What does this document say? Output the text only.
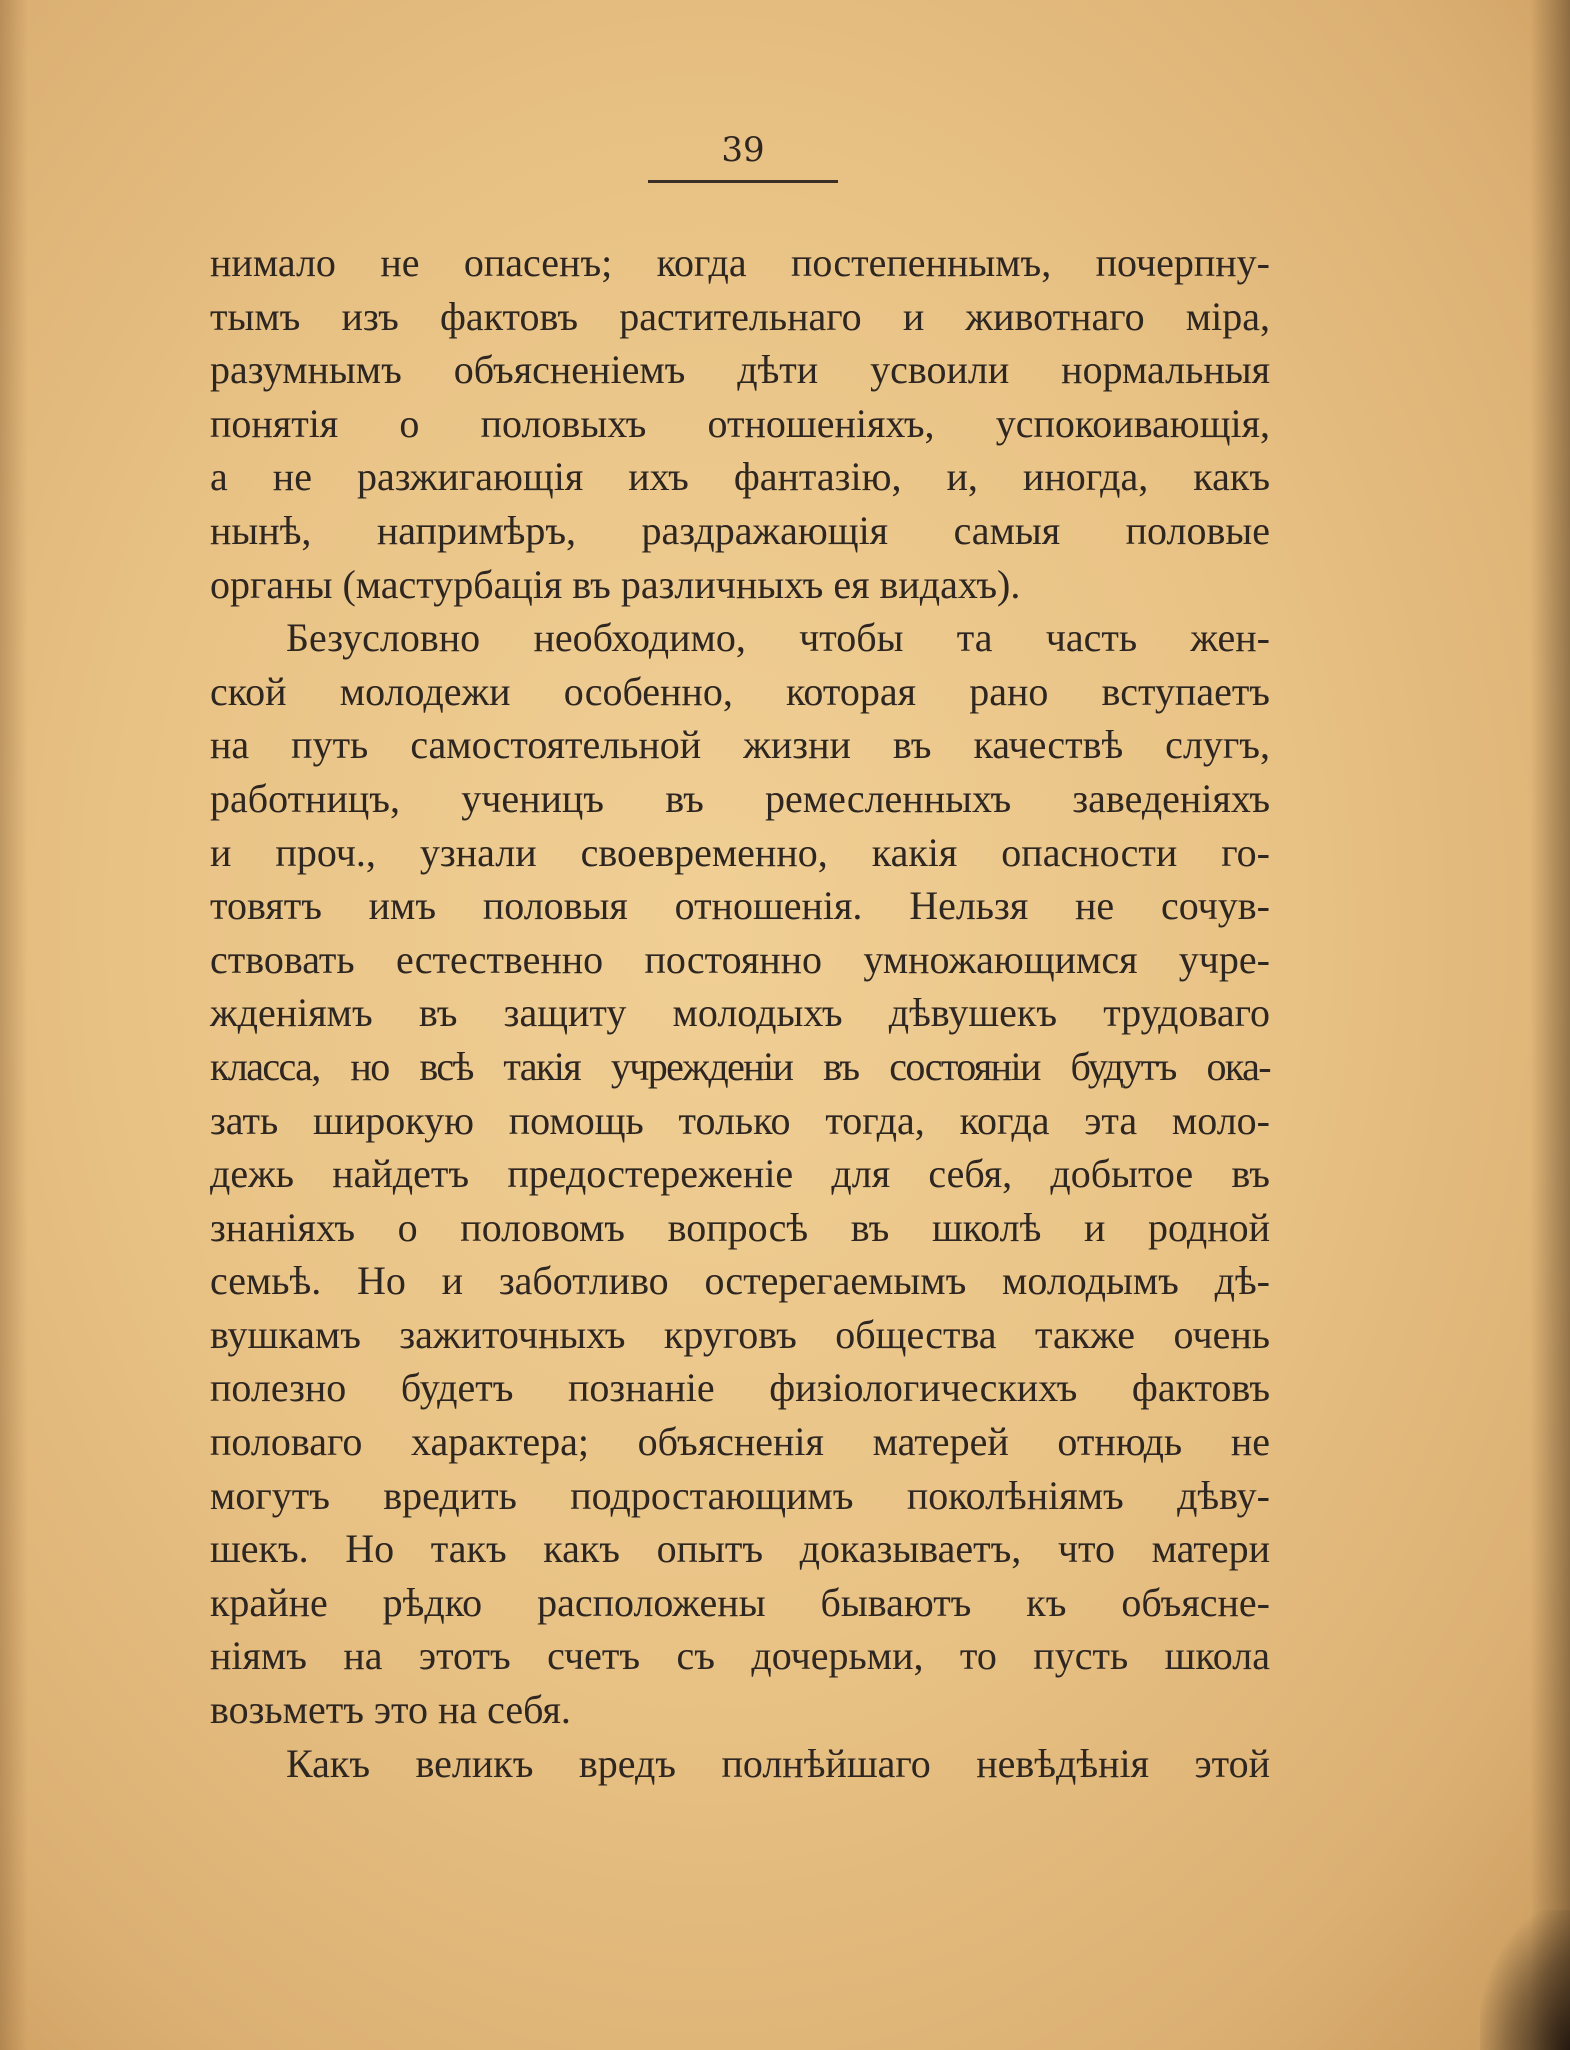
39
нимало не опасенъ; когда постепеннымъ, почерпну-
тымъ изъ фактовъ растительнаго и животнаго міра,
разумнымъ объясненіемъ дѣти усвоили нормальныя
понятія о половыхъ отношеніяхъ, успокоивающія,
а не разжигающія ихъ фантазію, и, иногда, какъ
нынѣ, напримѣръ, раздражающія самыя половые
органы (мастурбація въ различныхъ ея видахъ).
Безусловно необходимо, чтобы та часть жен-
ской молодежи особенно, которая рано вступаетъ
на путь самостоятельной жизни въ качествѣ слугъ,
работницъ, ученицъ въ ремесленныхъ заведеніяхъ
и проч., узнали своевременно, какія опасности го-
товятъ имъ половыя отношенія. Нельзя не сочув-
ствовать естественно постоянно умножающимся учре-
жденіямъ въ защиту молодыхъ дѣвушекъ трудоваго
класса, но всѣ такія учрежденіи въ состояніи будутъ ока-
зать широкую помощь только тогда, когда эта моло-
дежь найдетъ предостереженіе для себя, добытое въ
знаніяхъ о половомъ вопросѣ въ школѣ и родной
семьѣ. Но и заботливо остерегаемымъ молодымъ дѣ-
вушкамъ зажиточныхъ круговъ общества также очень
полезно будетъ познаніе физіологическихъ фактовъ
половаго характера; объясненія матерей отнюдь не
могутъ вредить подростающимъ поколѣніямъ дѣву-
шекъ. Но такъ какъ опытъ доказываетъ, что матери
крайне рѣдко расположены бываютъ къ объясне-
ніямъ на этотъ счетъ съ дочерьми, то пусть школа
возьметъ это на себя.
Какъ великъ вредъ полнѣйшаго невѣдѣнія этой
